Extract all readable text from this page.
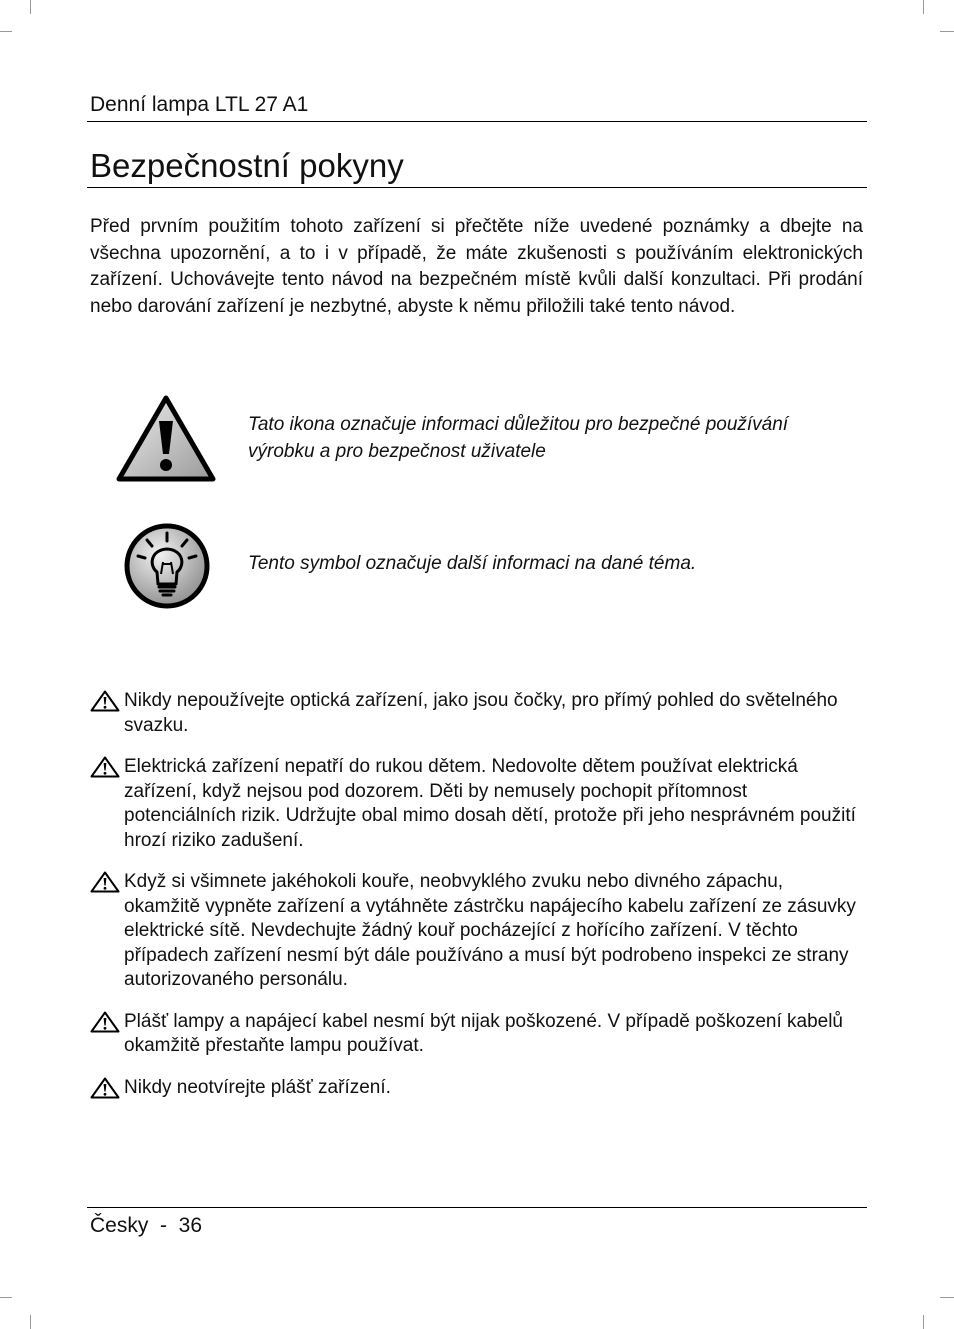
Denní lampa LTL 27 A1
Bezpečnostní pokyny

Před prvním použitím tohoto zařízení si přečtěte níže uvedené poznámky a dbejte na všechna upozornění, a to i v případě, že máte zkušenosti s používáním elektronických zařízení. Uchovávejte tento návod na bezpečném místě kvůli další konzultaci. Při prodání nebo darování zařízení je nezbytné, abyste k němu přiložili také tento návod.

Tato ikona označuje informaci důležitou pro bezpečné používání výrobku a pro bezpečnost uživatele
Tento symbol označuje další informaci na dané téma.
Nikdy nepoužívejte optická zařízení, jako jsou čočky, pro přímý pohled do světelného svazku.
Elektrická zařízení nepatří do rukou dětem. Nedovolte dětem používat elektrická zařízení, když nejsou pod dozorem. Děti by nemusely pochopit přítomnost potenciálních rizik. Udržujte obal mimo dosah dětí, protože při jeho nesprávném použití hrozí riziko zadušení.
Když si všimnete jakéhokoli kouře, neobvyklého zvuku nebo divného zápachu, okamžitě vypněte zařízení a vytáhněte zástrčku napájecího kabelu zařízení ze zásuvky elektrické sítě. Nevdechujte žádný kouř pocházející z hořícího zařízení. V těchto případech zařízení nesmí být dále používáno a musí být podrobeno inspekci ze strany autorizovaného personálu.
Plášť lampy a napájecí kabel nesmí být nijak poškozené. V případě poškození kabelů okamžitě přestaňte lampu používat.
Nikdy neotvírejte plášť zařízení.
Česky  -  36
